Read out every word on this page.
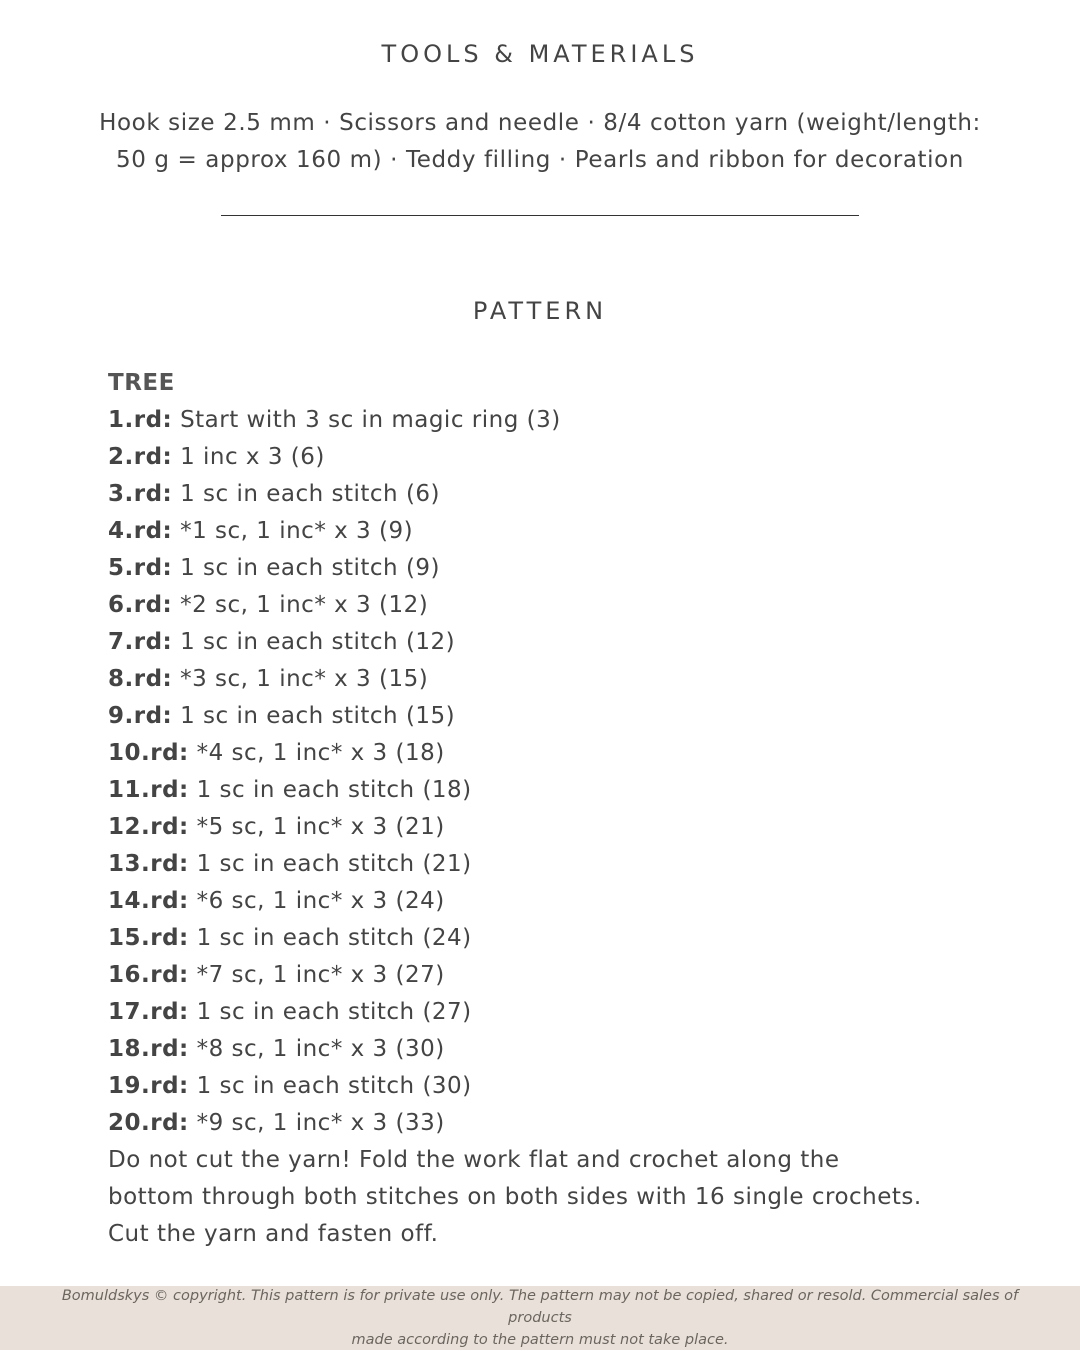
TOOLS & MATERIALS

Hook size 2.5 mm · Scissors and needle · 8/4 cotton yarn (weight/length:
50 g = approx 160 m) · Teddy filling · Pearls and ribbon for decoration

PATTERN
TREE
1.rd: Start with 3 sc in magic ring (3)
2.rd: 1 inc x 3 (6)
3.rd: 1 sc in each stitch (6)
4.rd: *1 sc, 1 inc* x 3 (9)
5.rd: 1 sc in each stitch (9)
6.rd: *2 sc, 1 inc* x 3 (12)
7.rd: 1 sc in each stitch (12)
8.rd: *3 sc, 1 inc* x 3 (15)
9.rd: 1 sc in each stitch (15)
10.rd: *4 sc, 1 inc* x 3 (18)
11.rd: 1 sc in each stitch (18)
12.rd: *5 sc, 1 inc* x 3 (21)
13.rd: 1 sc in each stitch (21)
14.rd: *6 sc, 1 inc* x 3 (24)
15.rd: 1 sc in each stitch (24)
16.rd: *7 sc, 1 inc* x 3 (27)
17.rd: 1 sc in each stitch (27)
18.rd: *8 sc, 1 inc* x 3 (30)
19.rd: 1 sc in each stitch (30)
20.rd: *9 sc, 1 inc* x 3 (33)
Do not cut the yarn! Fold the work flat and crochet along the
bottom through both stitches on both sides with 16 single crochets.
Cut the yarn and fasten off.

Bomuldskys © copyright. This pattern is for private use only. The pattern may not be copied, shared or resold. Commercial sales of products
made according to the pattern must not take place.
